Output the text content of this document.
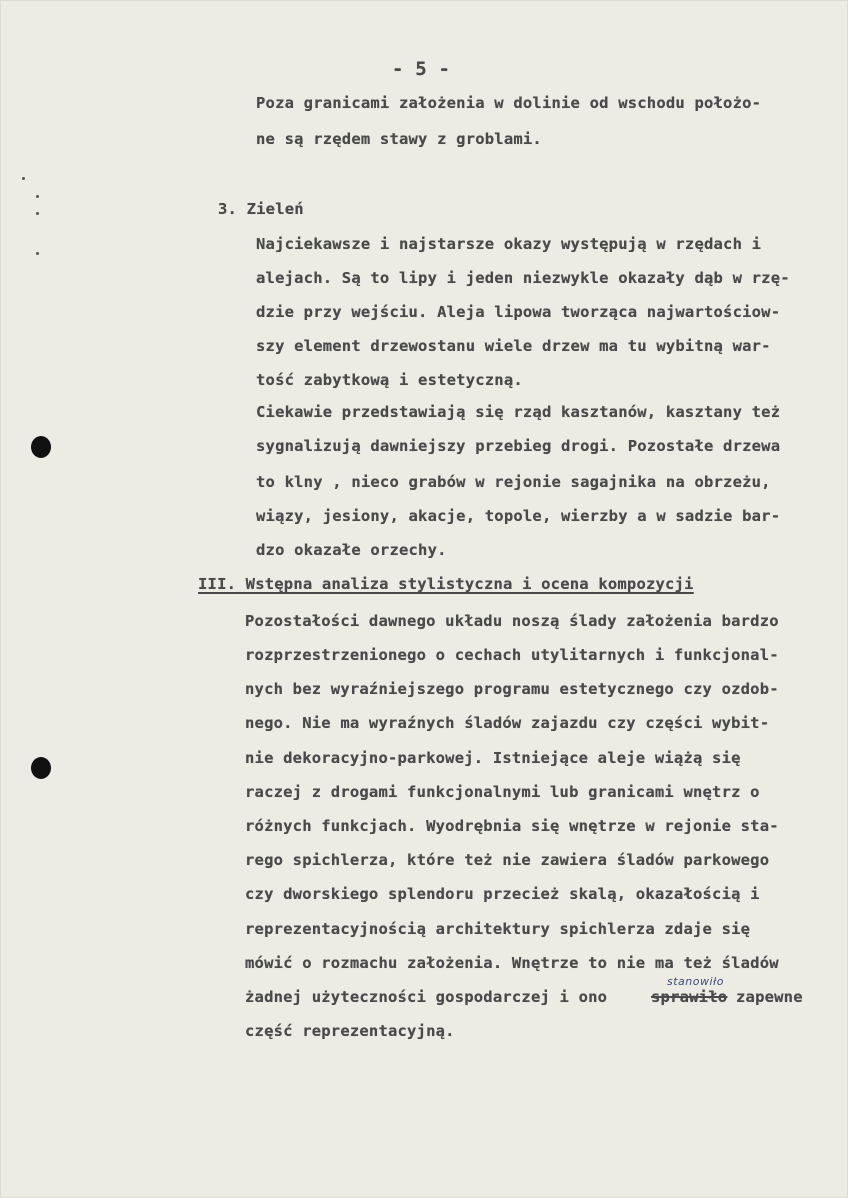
- 5 -
Poza granicami założenia w dolinie od wschodu położo-
ne są rzędem stawy z groblami.
3. Zieleń
Najciekawsze i najstarsze okazy występują w rzędach i
alejach. Są to lipy i jeden niezwykle okazały dąb w rzę-
dzie przy wejściu. Aleja lipowa tworząca najwartościow-
szy element drzewostanu wiele drzew ma tu wybitną war-
tość zabytkową i estetyczną.
Ciekawie przedstawiają się rząd kasztanów, kasztany też
sygnalizują dawniejszy przebieg drogi. Pozostałe drzewa
to klny , nieco grabów w rejonie sagajnika na obrzeżu,
wiązy, jesiony, akacje, topole, wierzby a w sadzie bar-
dzo okazałe orzechy.
III. Wstępna analiza stylistyczna i ocena kompozycji
Pozostałości dawnego układu noszą ślady założenia bardzo
rozprzestrzenionego o cechach utylitarnych i funkcjonal-
nych bez wyraźniejszego programu estetycznego czy ozdob-
nego. Nie ma wyraźnych śladów zajazdu czy części wybit-
nie dekoracyjno-parkowej. Istniejące aleje wiążą się
raczej z drogami funkcjonalnymi lub granicami wnętrz o
różnych funkcjach. Wyodrębnia się wnętrze w rejonie sta-
rego spichlerza, które też nie zawiera śladów parkowego
czy dworskiego splendoru przecież skalą, okazałością i
reprezentacyjnością architektury spichlerza zdaje się
mówić o rozmachu założenia. Wnętrze to nie ma też śladów
żadnej użyteczności gospodarczej i ono	sprawiło zapewne
stanowiło
część reprezentacyjną.
